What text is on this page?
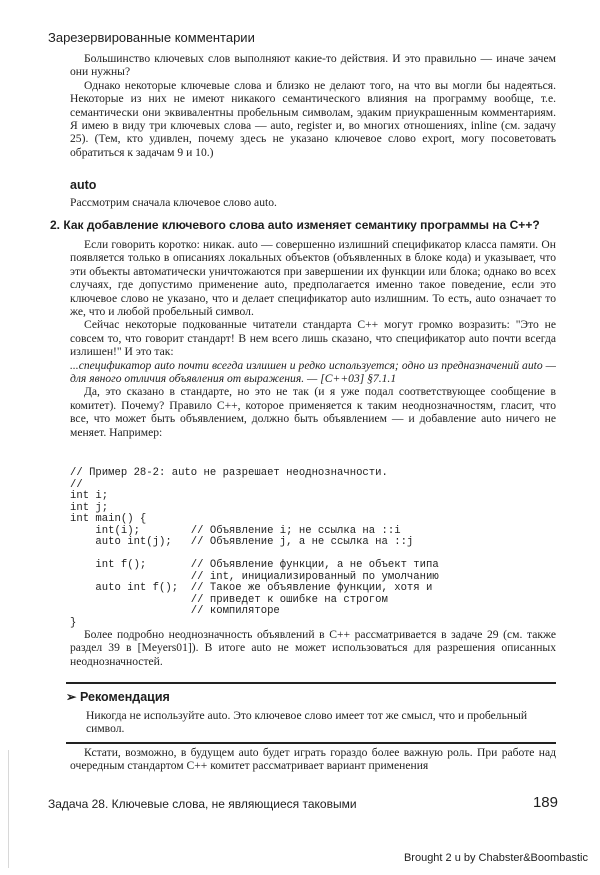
Зарезервированные комментарии

Большинство ключевых слов выполняют какие-то действия. И это правильно — иначе зачем они нужны?

Однако некоторые ключевые слова и близко не делают того, на что вы могли бы надеяться. Некоторые из них не имеют никакого семантического влияния на программу вообще, т.е. семантически они эквивалентны пробельным символам, эдаким приукрашенным комментариям. Я имею в виду три ключевых слова — auto, register и, во многих отношениях, inline (см. задачу 25). (Тем, кто удивлен, почему здесь не указано ключевое слово export, могу посоветовать обратиться к задачам 9 и 10.)

auto

Рассмотрим сначала ключевое слово auto.

2. Как добавление ключевого слова auto изменяет семантику программы на C++?

Если говорить коротко: никак. auto — совершенно излишний спецификатор класса памяти. Он появляется только в описаниях локальных объектов (объявленных в блоке кода) и указывает, что эти объекты автоматически уничтожаются при завершении их функции или блока; однако во всех случаях, где допустимо применение auto, предполагается именно такое поведение, если это ключевое слово не указано, что и делает спецификатор auto излишним. То есть, auto означает то же, что и любой пробельный символ.

Сейчас некоторые подкованные читатели стандарта C++ могут громко возразить: "Это не совсем то, что говорит стандарт! В нем всего лишь сказано, что спецификатор auto почти всегда излишен!" И это так:

...спецификатор auto почти всегда излишен и редко используется; одно из предназначений auto — для явного отличия объявления от выражения. — [C++03] §7.1.1

Да, это сказано в стандарте, но это не так (и я уже подал соответствующее сообщение в комитет). Почему? Правило C++, которое применяется к таким неоднозначностям, гласит, что все, что может быть объявлением, должно быть объявлением — и добавление auto ничего не меняет. Например:

// Пример 28-2: auto не разрешает неоднозначности.
//
int i;
int j;
int main() {
int(i);        // Объявление i; не ссылка на ::i
auto int(j);   // Объявление j, а не ссылка на ::j
int f();       // Объявление функции, а не объект типа
// int, инициализированный по умолчанию
auto int f();  // Такое же объявление функции, хотя и
// приведет к ошибке на строгом
// компиляторе
}

Более подробно неоднозначность объявлений в C++ рассматривается в задаче 29 (см. также раздел 39 в [Meyers01]). В итоге auto не может использоваться для разрешения описанных неоднозначностей.

➢ Рекомендация
Никогда не используйте auto. Это ключевое слово имеет тот же смысл, что и пробельный символ.

Кстати, возможно, в будущем auto будет играть гораздо более важную роль. При работе над очередным стандартом C++ комитет рассматривает вариант применения

Задача 28. Ключевые слова, не являющиеся таковыми	189
Brought 2 u by Chabster&Boombastic
